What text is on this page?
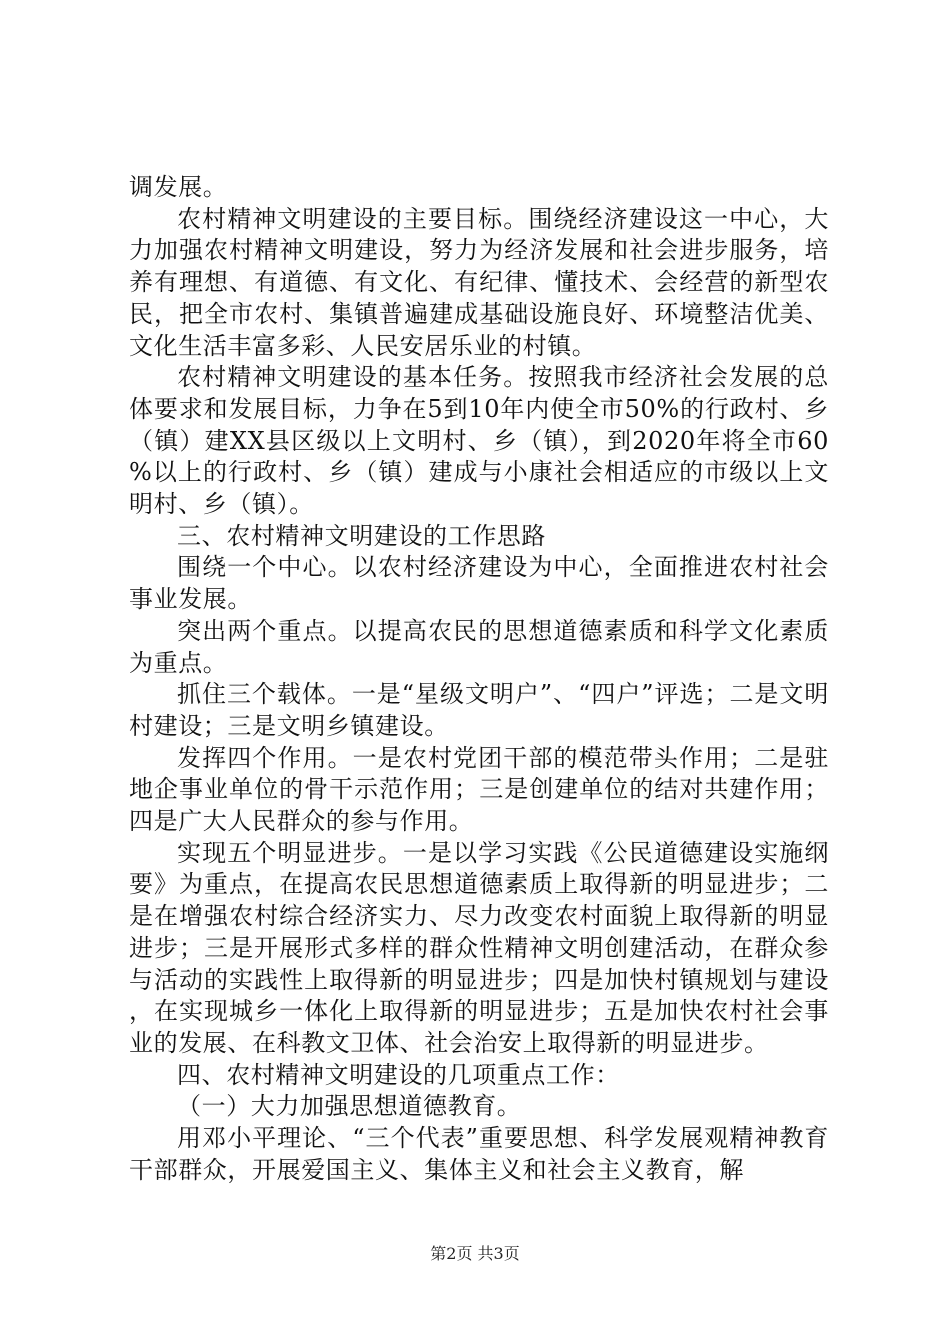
调发展。

农村精神文明建设的主要目标。围绕经济建设这一中心，大力加强农村精神文明建设，努力为经济发展和社会进步服务，培养有理想、有道德、有文化、有纪律、懂技术、会经营的新型农民，把全市农村、集镇普遍建成基础设施良好、环境整洁优美、文化生活丰富多彩、人民安居乐业的村镇。

农村精神文明建设的基本任务。按照我市经济社会发展的总体要求和发展目标，力争在5到10年内使全市50%的行政村、乡（镇）建XX县区级以上文明村、乡（镇），到2020年将全市60%以上的行政村、乡（镇）建成与小康社会相适应的市级以上文明村、乡（镇）。

三、农村精神文明建设的工作思路

围绕一个中心。以农村经济建设为中心，全面推进农村社会事业发展。

突出两个重点。以提高农民的思想道德素质和科学文化素质为重点。

抓住三个载体。一是“星级文明户”、“四户”评选；二是文明村建设；三是文明乡镇建设。

发挥四个作用。一是农村党团干部的模范带头作用；二是驻地企事业单位的骨干示范作用；三是创建单位的结对共建作用；四是广大人民群众的参与作用。

实现五个明显进步。一是以学习实践《公民道德建设实施纲要》为重点，在提高农民思想道德素质上取得新的明显进步；二是在增强农村综合经济实力、尽力改变农村面貌上取得新的明显进步；三是开展形式多样的群众性精神文明创建活动，在群众参与活动的实践性上取得新的明显进步；四是加快村镇规划与建设，在实现城乡一体化上取得新的明显进步；五是加快农村社会事业的发展、在科教文卫体、社会治安上取得新的明显进步。

四、农村精神文明建设的几项重点工作：

（一）大力加强思想道德教育。

用邓小平理论、“三个代表”重要思想、科学发展观精神教育干部群众，开展爱国主义、集体主义和社会主义教育，解

第2页 共3页
